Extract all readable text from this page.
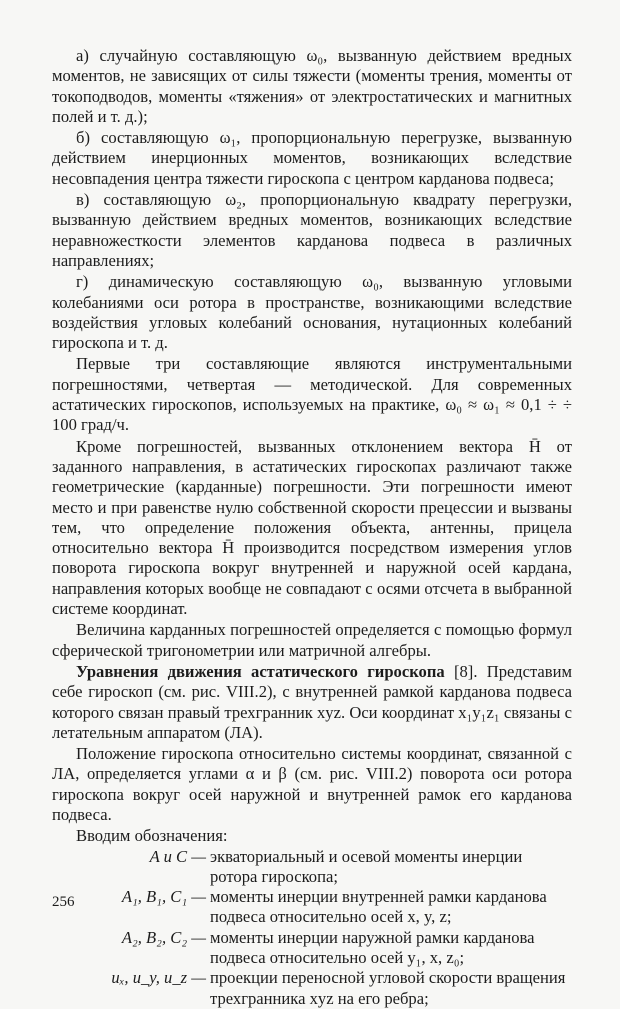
а) случайную составляющую ω₀, вызванную действием вредных моментов, не зависящих от силы тяжести (моменты трения, моменты от токоподводов, моменты «тяжения» от электростатических и магнитных полей и т. д.);

б) составляющую ω₁, пропорциональную перегрузке, вызванную действием инерционных моментов, возникающих вследствие несовпадения центра тяжести гироскопа с центром карданова подвеса;

в) составляющую ω₂, пропорциональную квадрату перегрузки, вызванную действием вредных моментов, возникающих вследствие неравножесткости элементов карданова подвеса в различных направлениях;

г) динамическую составляющую ω₀, вызванную угловыми колебаниями оси ротора в пространстве, возникающими вследствие воздействия угловых колебаний основания, нутационных колебаний гироскопа и т. д.

Первые три составляющие являются инструментальными погрешностями, четвертая — методической. Для современных астатических гироскопов, используемых на практике, ω₀ ≈ ω₁ ≈ 0,1 ÷ ÷ 100 град/ч.

Кроме погрешностей, вызванных отклонением вектора H̄ от заданного направления, в астатических гироскопах различают также геометрические (карданные) погрешности. Эти погрешности имеют место и при равенстве нулю собственной скорости прецессии и вызваны тем, что определение положения объекта, антенны, прицела относительно вектора H̄ производится посредством измерения углов поворота гироскопа вокруг внутренней и наружной осей кардана, направления которых вообще не совпадают с осями отсчета в выбранной системе координат.

Величина карданных погрешностей определяется с помощью формул сферической тригонометрии или матричной алгебры.

Уравнения движения астатического гироскопа [8]. Представим себе гироскоп (см. рис. VIII.2), с внутренней рамкой карданова подвеса которого связан правый трехгранник xyz. Оси координат x₁y₁z₁ связаны с летательным аппаратом (ЛА).

Положение гироскопа относительно системы координат, связанной с ЛА, определяется углами α и β (см. рис. VIII.2) поворота оси ротора гироскопа вокруг осей наружной и внутренней рамок его карданова подвеса.

Вводим обозначения:

A и C — экваториальный и осевой моменты инерции ротора гироскопа;
A₁, B₁, C₁ — моменты инерции внутренней рамки карданова подвеса относительно осей x, y, z;
A₂, B₂, C₂ — моменты инерции наружной рамки карданова подвеса относительно осей y₁, x, z₀;
uₓ, u_y, u_z — проекции переносной угловой скорости вращения трехгранника xyz на его ребра;
256
